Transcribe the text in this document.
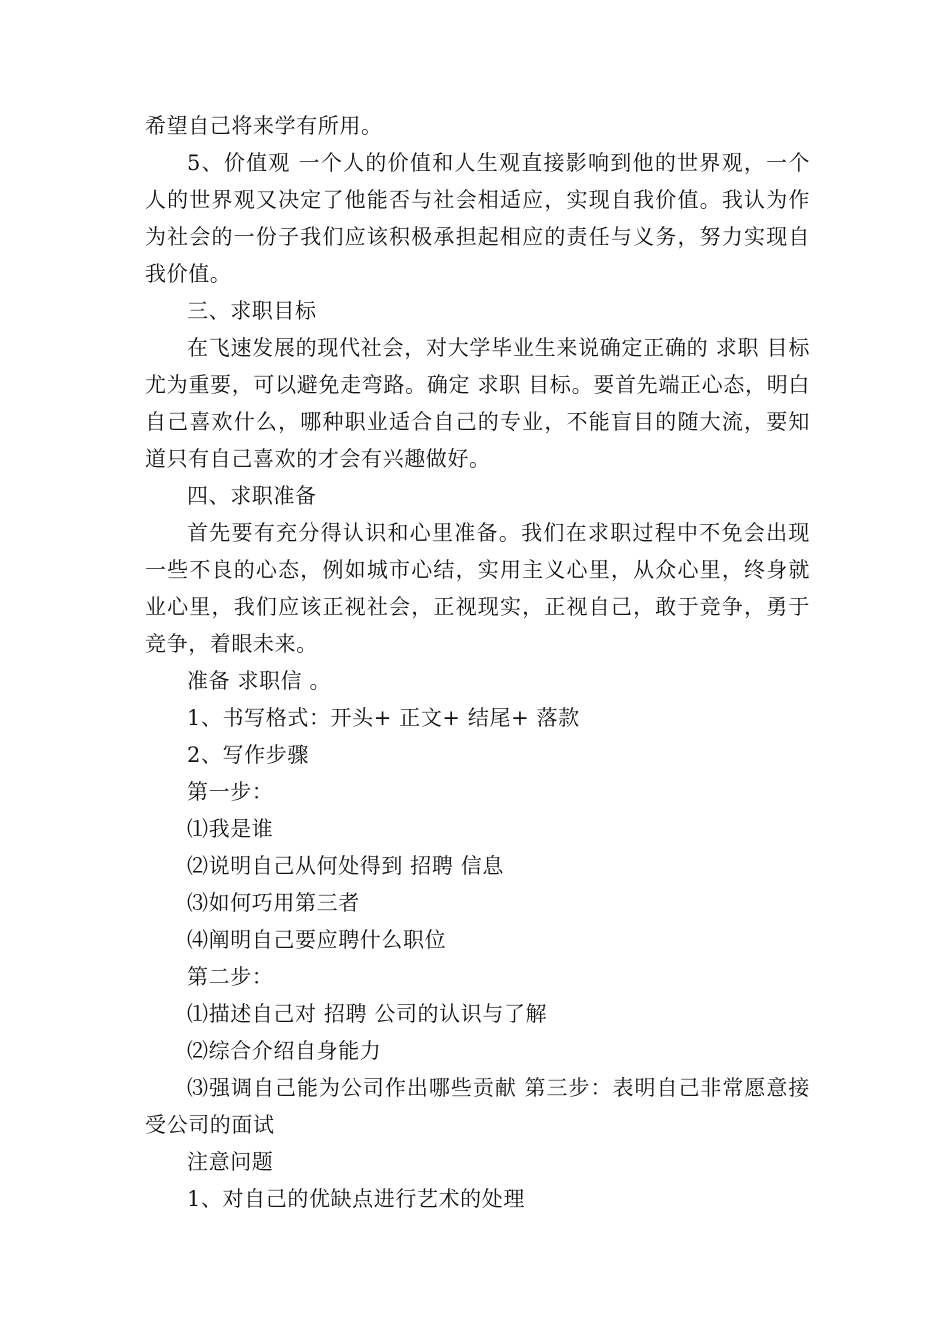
希望自己将来学有所用。

5、价值观 一个人的价值和人生观直接影响到他的世界观，一个人的世界观又决定了他能否与社会相适应，实现自我价值。我认为作为社会的一份子我们应该积极承担起相应的责任与义务，努力实现自我价值。

三、求职目标

在飞速发展的现代社会，对大学毕业生来说确定正确的 求职 目标尤为重要，可以避免走弯路。确定 求职 目标。要首先端正心态，明白自己喜欢什么，哪种职业适合自己的专业，不能盲目的随大流，要知道只有自己喜欢的才会有兴趣做好。

四、求职准备

首先要有充分得认识和心里准备。我们在求职过程中不免会出现一些不良的心态，例如城市心结，实用主义心里，从众心里，终身就业心里，我们应该正视社会，正视现实，正视自己，敢于竞争，勇于竞争，着眼未来。

准备 求职信 。

1、书写格式：开头+ 正文+ 结尾+ 落款

2、写作步骤

第一步：

⑴我是谁

⑵说明自己从何处得到 招聘 信息

⑶如何巧用第三者

⑷阐明自己要应聘什么职位

第二步：

⑴描述自己对 招聘 公司的认识与了解

⑵综合介绍自身能力

⑶强调自己能为公司作出哪些贡献 第三步：表明自己非常愿意接受公司的面试

注意问题

1、对自己的优缺点进行艺术的处理
